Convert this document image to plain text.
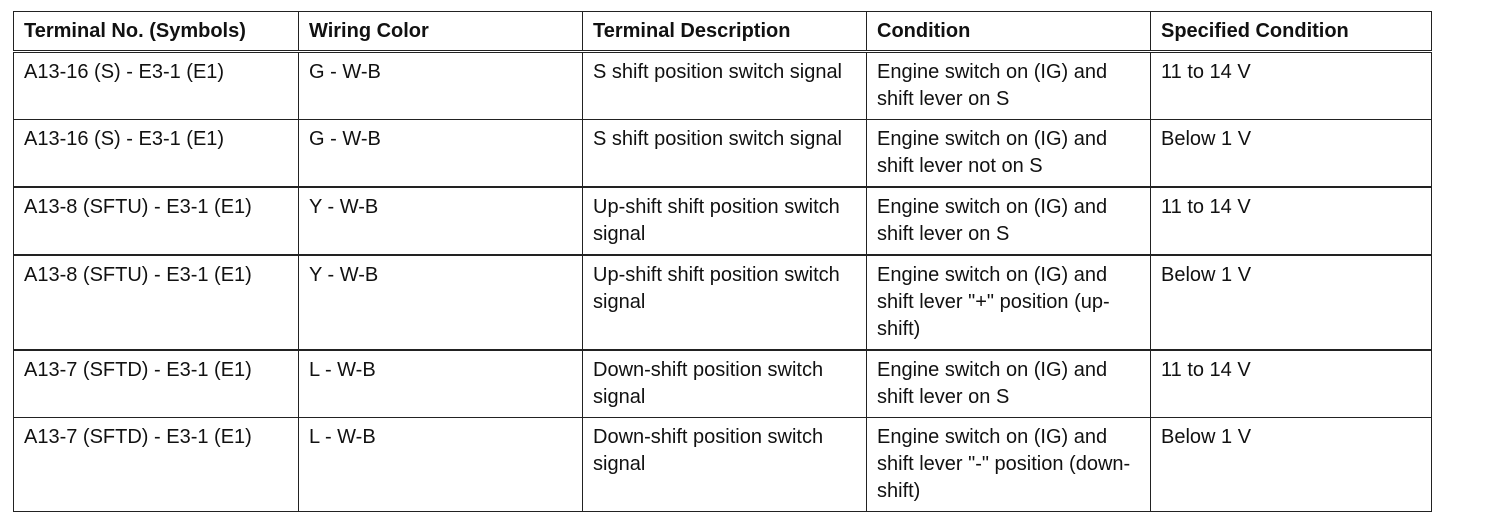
Terminal No. (Symbols)	Wiring Color	Terminal Description	Condition	Specified Condition
A13-16 (S) - E3-1 (E1)	G - W-B	S shift position switch signal	Engine switch on (IG) and shift lever on S	11 to 14 V
A13-16 (S) - E3-1 (E1)	G - W-B	S shift position switch signal	Engine switch on (IG) and shift lever not on S	Below 1 V
A13-8 (SFTU) - E3-1 (E1)	Y - W-B	Up-shift shift position switch signal	Engine switch on (IG) and shift lever on S	11 to 14 V
A13-8 (SFTU) - E3-1 (E1)	Y - W-B	Up-shift shift position switch signal	Engine switch on (IG) and shift lever "+" position (up-shift)	Below 1 V
A13-7 (SFTD) - E3-1 (E1)	L - W-B	Down-shift position switch signal	Engine switch on (IG) and shift lever on S	11 to 14 V
A13-7 (SFTD) - E3-1 (E1)	L - W-B	Down-shift position switch signal	Engine switch on (IG) and shift lever "-" position (down-shift)	Below 1 V
